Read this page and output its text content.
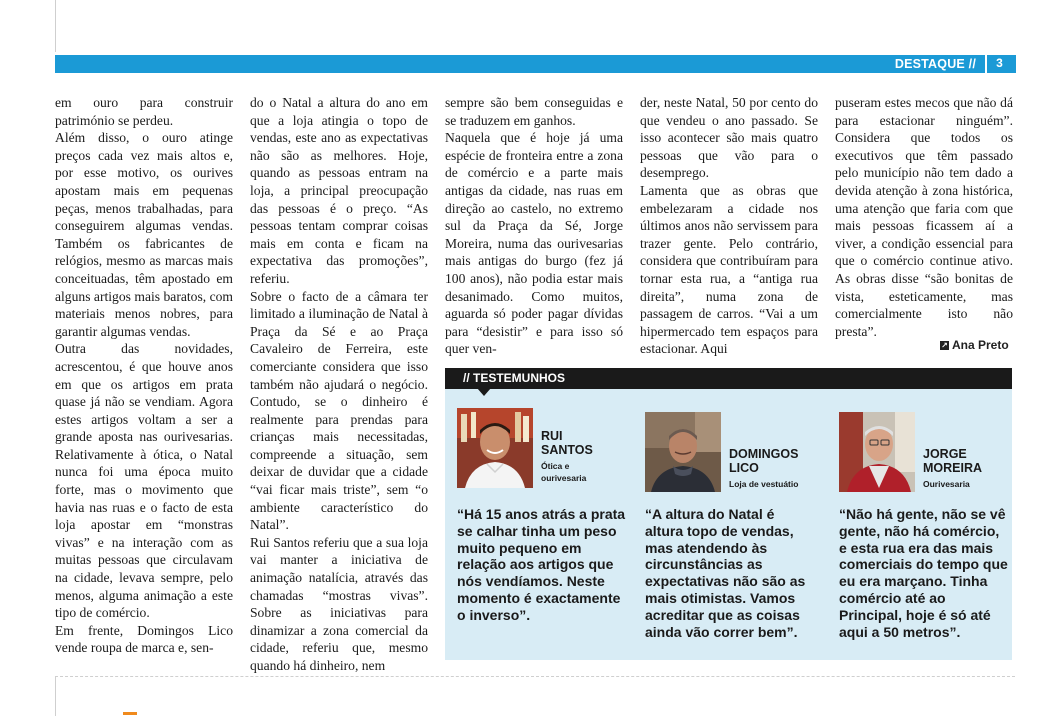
DESTAQUE //	3

em ouro para construir património se perdeu.

Além disso, o ouro atinge preços cada vez mais altos e, por esse motivo, os ourives apostam mais em pequenas peças, menos trabalhadas, para conseguirem algumas vendas. Também os fabricantes de relógios, mesmo as marcas mais conceituadas, têm apostado em alguns artigos mais baratos, com materiais menos nobres, para garantir algumas vendas.

Outra das novidades, acrescentou, é que houve anos em que os artigos em prata quase já não se vendiam. Agora estes artigos voltam a ser a grande aposta nas ourivesarias. Relativamente à ótica, o Natal nunca foi uma época muito forte, mas o movimento que havia nas ruas e o facto de esta loja apostar em “monstras vivas” e na interação com as muitas pessoas que circulavam na cidade, levava sempre, pelo menos, alguma animação a este tipo de comércio.

Em frente, Domingos Lico vende roupa de marca e, sen-

do o Natal a altura do ano em que a loja atingia o topo de vendas, este ano as expectativas não são as melhores. Hoje, quando as pessoas entram na loja, a principal preocupação das pessoas é o preço. “As pessoas tentam comprar coisas mais em conta e ficam na expectativa das promoções”, referiu.

Sobre o facto de a câmara ter limitado a iluminação de Natal à Praça da Sé e ao Praça Cavaleiro de Ferreira, este comerciante considera que isso também não ajudará o negócio. Contudo, se o dinheiro é realmente para prendas para crianças mais necessitadas, compreende a situação, sem deixar de duvidar que a cidade “vai ficar mais triste”, sem “o ambiente característico do Natal”.

Rui Santos referiu que a sua loja vai manter a iniciativa de animação natalícia, através das chamadas “mostras vivas”. Sobre as iniciativas para dinamizar a zona comercial da cidade, referiu que, mesmo quando há dinheiro, nem

sempre são bem conseguidas e se traduzem em ganhos.

Naquela que é hoje já uma espécie de fronteira entre a zona de comércio e a parte mais antigas da cidade, nas ruas em direção ao castelo, no extremo sul da Praça da Sé, Jorge Moreira, numa das ourivesarias mais antigas do burgo (fez já 100 anos), não podia estar mais desanimado. Como muitos, aguarda só poder pagar dívidas para “desistir” e para isso só quer ven-

der, neste Natal, 50 por cento do que vendeu o ano passado. Se isso acontecer são mais quatro pessoas que vão para o desemprego.

Lamenta que as obras que embelezaram a cidade nos últimos anos não servissem para trazer gente. Pelo contrário, considera que contribuíram para tornar esta rua, a “antiga rua direita”, numa zona de passagem de carros. “Vai a um hipermercado tem espaços para estacionar. Aqui

puseram estes mecos que não dá para estacionar ninguém”. Considera que todos os executivos que têm passado pelo município não tem dado a devida atenção à zona histórica, uma atenção que faria com que mais pessoas ficassem aí a viver, a condição essencial para que o comércio continue ativo. As obras disse “são bonitas de vista, esteticamente, mas comercialmente isto não presta”.

↗ Ana Preto
// TESTEMUNHOS
RUI
SANTOS
Ótica e
ourivesaria
“Há 15 anos atrás a prata se calhar tinha um peso muito pequeno em relação aos artigos que nós vendíamos. Neste momento é exactamente o inverso”.
DOMINGOS
LICO
Loja de vestuátio
“A altura do Natal é altura topo de vendas, mas atendendo às circunstâncias as expectativas não são as mais otimistas. Vamos acreditar que as coisas ainda vão correr bem”.
JORGE
MOREIRA
Ourivesaria
“Não há gente, não se vê gente, não há comércio, e esta rua era das mais comerciais do tempo que eu era marçano. Tinha comércio até ao Principal, hoje é só até aqui a 50 metros”.
